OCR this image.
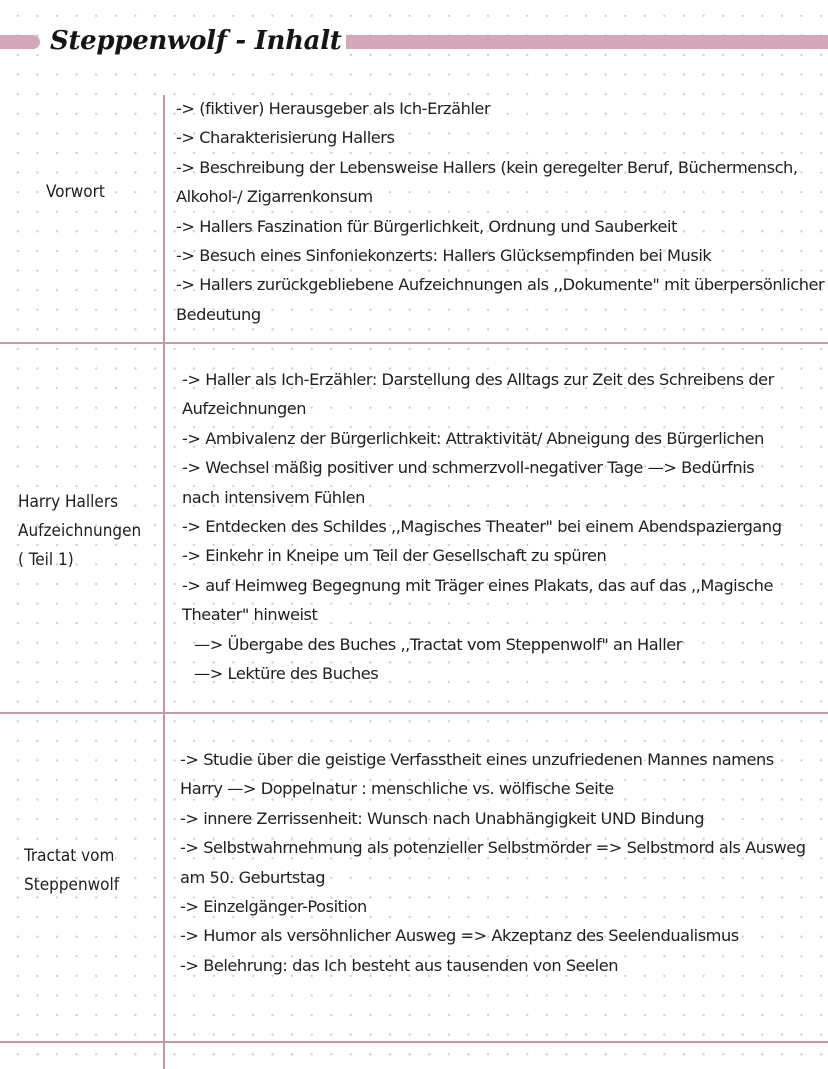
Steppenwolf - Inhalt
Vorwort
-> (fiktiver) Herausgeber als Ich-Erzähler
-> Charakterisierung Hallers
-> Beschreibung der Lebensweise Hallers (kein geregelter Beruf, Büchermensch,
Alkohol-/ Zigarrenkonsum
-> Hallers Faszination für Bürgerlichkeit, Ordnung und Sauberkeit
-> Besuch eines Sinfoniekonzerts: Hallers Glücksempfinden bei Musik
-> Hallers zurückgebliebene Aufzeichnungen als ,,Dokumente" mit überpersönlicher
Bedeutung
Harry Hallers
Aufzeichnungen
( Teil 1)
-> Haller als Ich-Erzähler: Darstellung des Alltags zur Zeit des Schreibens der
Aufzeichnungen
-> Ambivalenz der Bürgerlichkeit: Attraktivität/ Abneigung des Bürgerlichen
-> Wechsel mäßig positiver und schmerzvoll-negativer Tage —> Bedürfnis
nach intensivem Fühlen
-> Entdecken des Schildes ,,Magisches Theater" bei einem Abendspaziergang
-> Einkehr in Kneipe um Teil der Gesellschaft zu spüren
-> auf Heimweg Begegnung mit Träger eines Plakats, das auf das ,,Magische
Theater" hinweist
—> Übergabe des Buches ,,Tractat vom Steppenwolf" an Haller
—> Lektüre des Buches
Tractat vom
Steppenwolf
-> Studie über die geistige Verfasstheit eines unzufriedenen Mannes namens
Harry —> Doppelnatur : menschliche vs. wölfische Seite
-> innere Zerrissenheit: Wunsch nach Unabhängigkeit UND Bindung
-> Selbstwahrnehmung als potenzieller Selbstmörder => Selbstmord als Ausweg
am 50. Geburtstag
-> Einzelgänger-Position
-> Humor als versöhnlicher Ausweg => Akzeptanz des Seelendualismus
-> Belehrung: das Ich besteht aus tausenden von Seelen
